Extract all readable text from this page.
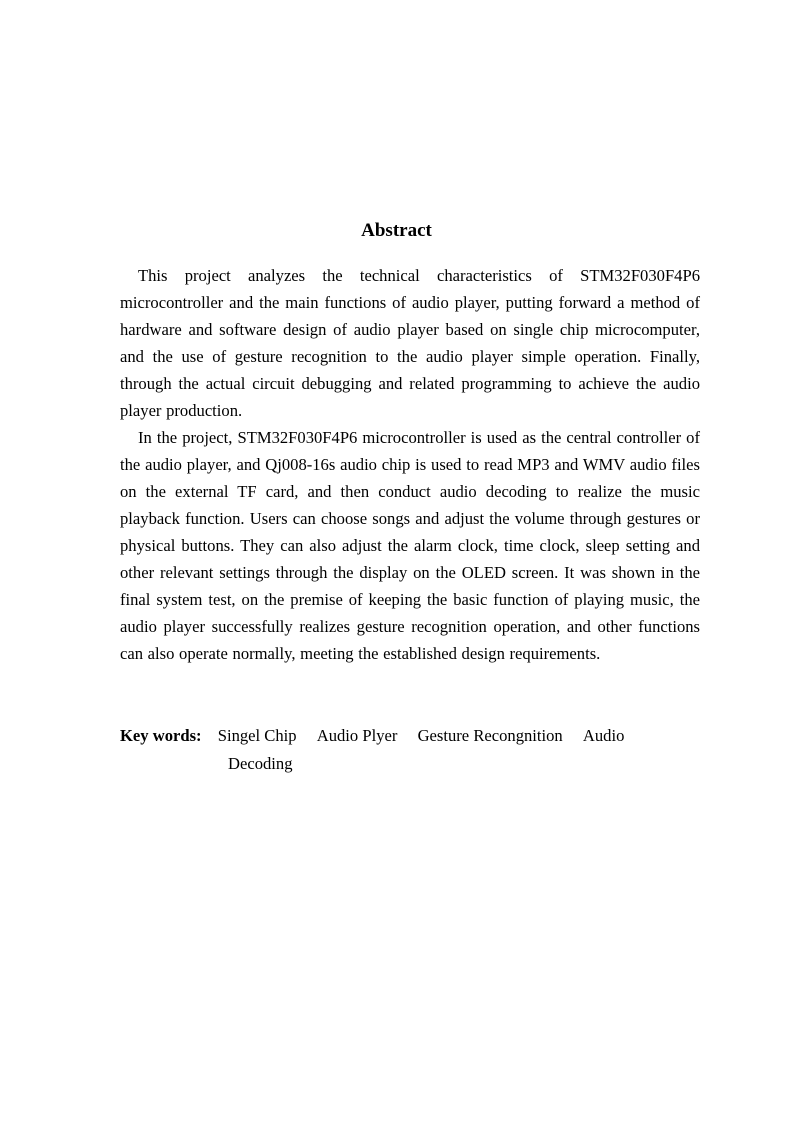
Abstract

This project analyzes the technical characteristics of STM32F030F4P6 microcontroller and the main functions of audio player, putting forward a method of hardware and software design of audio player based on single chip microcomputer, and the use of gesture recognition to the audio player simple operation. Finally, through the actual circuit debugging and related programming to achieve the audio player production.

In the project, STM32F030F4P6 microcontroller is used as the central controller of the audio player, and Qj008-16s audio chip is used to read MP3 and WMV audio files on the external TF card, and then conduct audio decoding to realize the music playback function. Users can choose songs and adjust the volume through gestures or physical buttons. They can also adjust the alarm clock, time clock, sleep setting and other relevant settings through the display on the OLED screen. It was shown in the final system test, on the premise of keeping the basic function of playing music, the audio player successfully realizes gesture recognition operation, and other functions can also operate normally, meeting the established design requirements.

Key words: Singel Chip Audio Plyer Gesture Recongnition Audio
Decoding
